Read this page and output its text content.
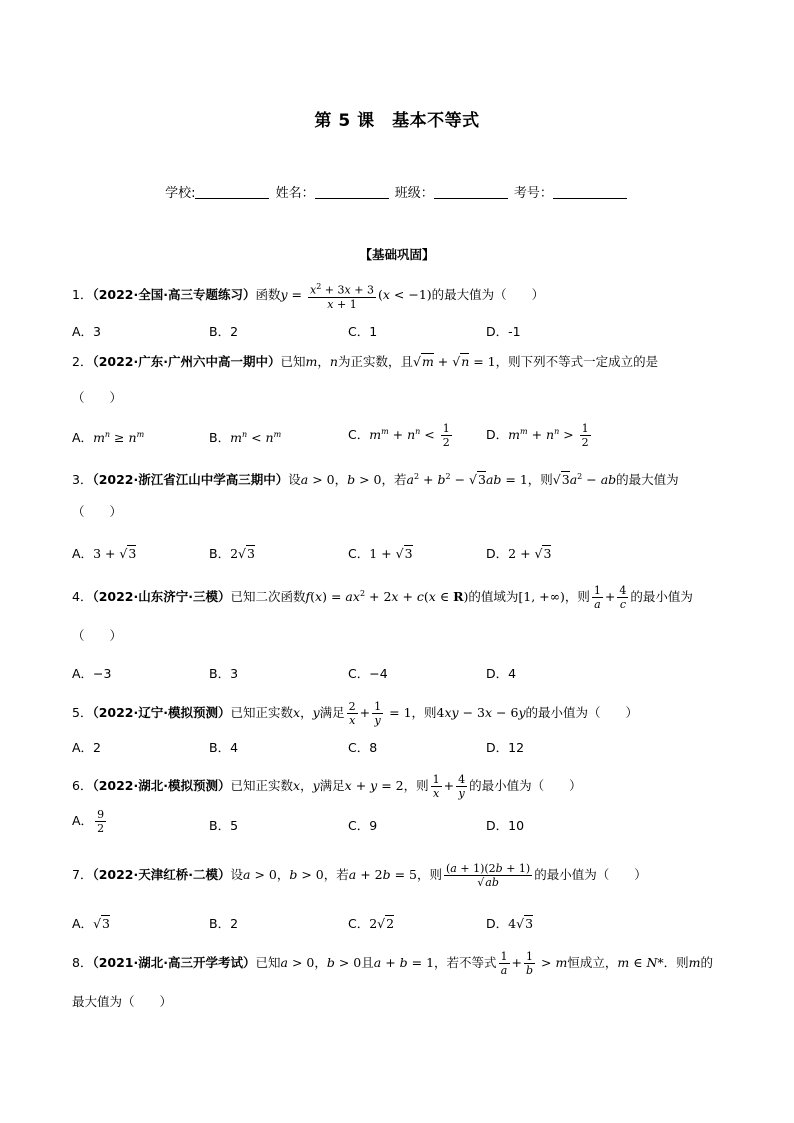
第 5 课　基本不等式
学校:	姓名：	班级：	考号：
【基础巩固】
1．（2022·全国·高三专题练习）函数$y = \frac{x^2 + 3x + 3}{x + 1} (x < -1)$的最大值为（　　）
A．3	B．2	C．1	D．-1
2．（2022·广东·广州六中高一期中）已知m，n为正实数，且√m + √n = 1，则下列不等式一定成立的是
（　　）
A．$m^n \ge n^m$	B．$m^n < n^m$	C．$m^m + n^n < \frac{1}{2}$	D．$m^m + n^n > \frac{1}{2}$
3．（2022·浙江省江山中学高三期中）设a > 0，b > 0，若$a^2 + b^2 - √3ab = 1$，则$√3a^2$ − ab的最大值为
（　　）
A．3 + √3	B．2√3	C．1 + √3	D．2 + √3
4．（2022·山东济宁·三模）已知二次函数$f(x) = ax^2 + 2x + c(x$ ∈ R)的值域为[1, +∞)，则 $\frac{1}{a} + \frac{4}{c}$ 的最小值为
（　　）
A．−3	B．3	C．−4	D．4
5．（2022·辽宁·模拟预测）已知正实数x，y满足 $\frac{2}{x} + \frac{1}{y} = 1$，则4xy − 3x − 6y的最小值为（　　）
A．2	B．4	C．8	D．12
6．（2022·湖北·模拟预测）已知正实数x，y满足x + y = 2，则 $\frac{1}{x} + \frac{4}{y}$ 的最小值为（　　）
A． $\frac{9}{2}$	B．5	C．9	D．10
7．（2022·天津红桥·二模）设a > 0，b > 0，若a + 2b = 5，则 $\frac{(a + 1)(2b + 1)}{√ab}$ 的最小值为（　　）
A．√3	B．2	C．2√2	D．4√3
8．（2021·湖北·高三开学考试）已知a > 0，b > 0且a + b = 1，若不等式 $\frac{1}{a} + \frac{1}{b} > m$恒成立，m ∈ N*．则m的
最大值为（　　）
